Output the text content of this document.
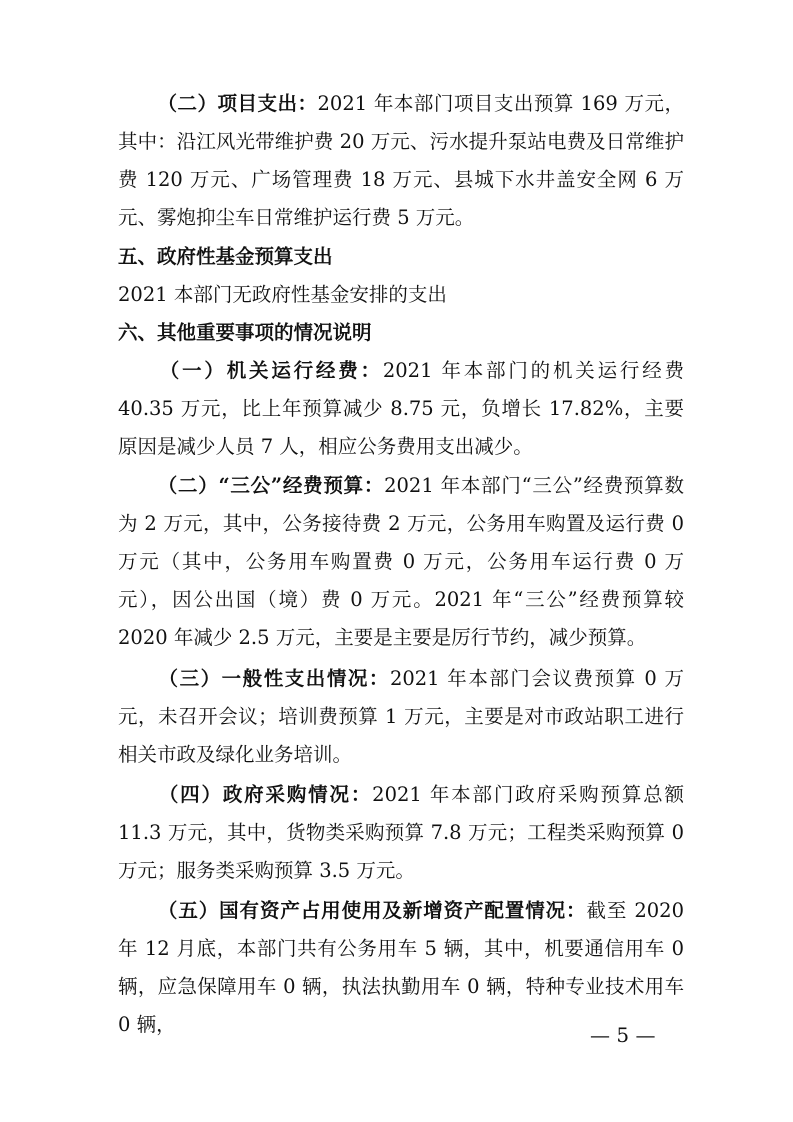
（二）项目支出：2021 年本部门项目支出预算 169 万元，其中：沿江风光带维护费 20 万元、污水提升泵站电费及日常维护费 120 万元、广场管理费 18 万元、县城下水井盖安全网 6 万元、雾炮抑尘车日常维护运行费 5 万元。

五、政府性基金预算支出

2021 本部门无政府性基金安排的支出

六、其他重要事项的情况说明

（一）机关运行经费：2021 年本部门的机关运行经费 40.35 万元，比上年预算减少 8.75 元，负增长 17.82%，主要原因是减少人员 7 人，相应公务费用支出减少。

（二）“三公”经费预算：2021 年本部门“三公”经费预算数为 2 万元，其中，公务接待费 2 万元，公务用车购置及运行费 0 万元（其中，公务用车购置费 0 万元，公务用车运行费 0 万元），因公出国（境）费 0 万元。2021 年“三公”经费预算较 2020 年减少 2.5 万元，主要是主要是厉行节约，减少预算。

（三）一般性支出情况：2021 年本部门会议费预算 0 万元，未召开会议；培训费预算 1 万元，主要是对市政站职工进行相关市政及绿化业务培训。

（四）政府采购情况：2021 年本部门政府采购预算总额 11.3 万元，其中，货物类采购预算 7.8 万元；工程类采购预算 0 万元；服务类采购预算 3.5 万元。

（五）国有资产占用使用及新增资产配置情况：截至 2020 年 12 月底，本部门共有公务用车 5 辆，其中，机要通信用车 0 辆，应急保障用车 0 辆，执法执勤用车 0 辆，特种专业技术用车 0 辆，	— 5 —
